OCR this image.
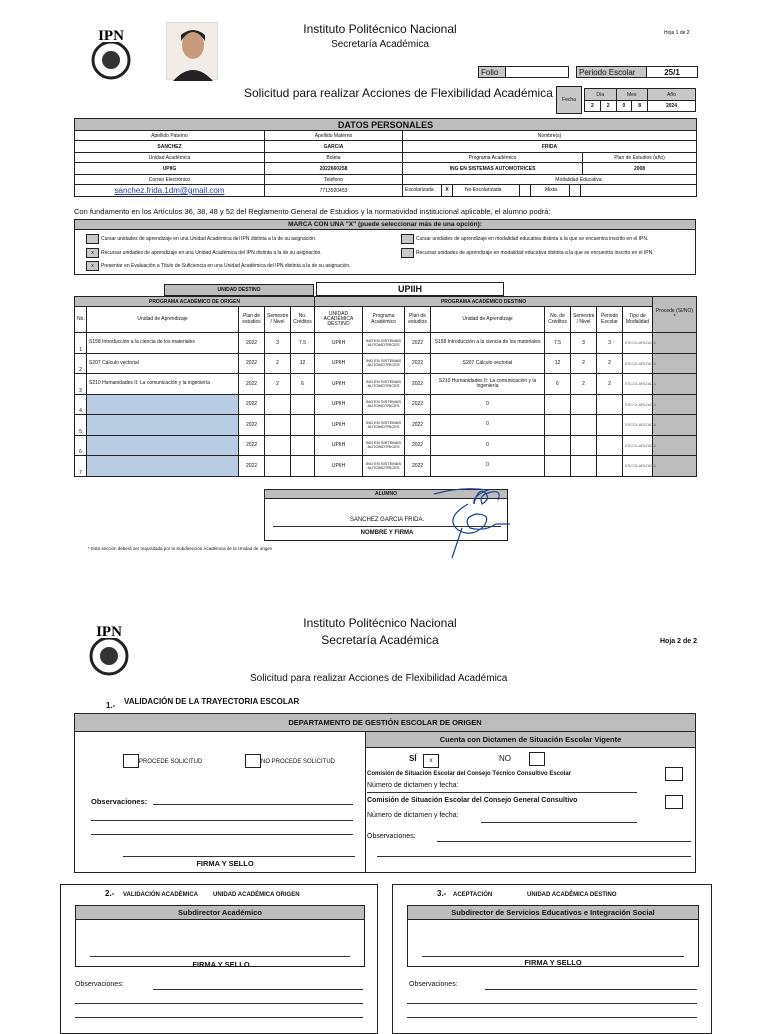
IPN	Instituto Politécnico Nacional
Secretaría Académica
Hoja 1 de 2
Folio			Periodo Escolar	25/1
Solicitud para realizar Acciones de Flexibilidad Académica	Fecha
Día		Mes		Año
2	2	0	8	2024
DATOS PERSONALES			
Apellido Paterno	Apellido Materno	Nombre(s)	
SANCHEZ	GARCIA	FRIDA	
Unidad Académica	Boleta	Programa Académico	Plan de Estudios (año)
UPIIG	2022660258	ING EN SISTEMAS AUTOMOTRICES	2008
Correo Electrónico	Teléfono	Modalidad Educativa	
sanchez.frida.1dm@gmail.com	7713520453	Escolarizada X No Escolarizada Mixta	
Con fundamento en los Artículos 36, 38, 48 y 52 del Reglamento General de Estudios y la normatividad institucional aplicable, el alumno podrá:
MARCA CON UNA "X" (puede seleccionar más de una opción):
Cursar unidades de aprendizaje en una Unidad Académica del IPN distinta a la de su asignación.	Cursar unidades de aprendizaje en modalidad educativa distinta a la que se encuentra inscrito en el IPN.
x	Recursar unidades de aprendizaje en una Unidad Académica del IPN distinta a la de su asignación.	Recursar unidades de aprendizaje en modalidad educativa distinta a la que se encuentra inscrito en el IPN.
x	Presentar en Evaluación a Título de Suficiencia en una Unidad Académica del IPN distinta a la de su asignación.
UNIDAD DESTINO	UPIIH
PROGRAMA ACADÉMICO DE ORIGEN					PROGRAMA ACADÉMICO DESTINO								Procede (SI/NO) *
No.	Unidad de Aprendizaje	Plan de estudios	Semestre / Nivel	No. Créditos	UNIDAD ACADÉMICA DESTINO	Programa Académico	Plan de estudios	Unidad de Aprendizaje	No. de Créditos	Semestre / Nivel	Periodo Escolar	Tipo de Modalidad	
1	S158 Introducción a la ciencia de los materiales	2022	3	7.5	UPIIH	ING EN SISTEMAS AUTOMOTRICES	2022	S158 Introducción a la ciencia de los materiales	7.5	3	3	ESCOLARIZADA	
2	S207 Cálculo vectorial	2022	2	12	UPIIH	ING EN SISTEMAS AUTOMOTRICES	2022	S207 Cálculo vectorial	12	2	2	ESCOLARIZADA	
3	S210 Humanidades II: La comunicación y la ingeniería	2022	2	6	UPIIH	ING EN SISTEMAS AUTOMOTRICES	2022	S210 Humanidades II: La comunicación y la ingeniería	6	2	2	ESCOLARIZADA	
4		2022			UPIIH	ING EN SISTEMAS AUTOMOTRICES	2022	0				ESCOLARIZADA	
5		2022			UPIIH	ING EN SISTEMAS AUTOMOTRICES	2022	0				ESCOLARIZADA	
6		2022			UPIIH	ING EN SISTEMAS AUTOMOTRICES	2022	0				ESCOLARIZADA	
7		2022			UPIIH	ING EN SISTEMAS AUTOMOTRICES	2022	0				ESCOLARIZADA	
ALUMNO
SANCHEZ GARCIA FRIDA.
NOMBRE Y FIRMA
* Esta sección deberá ser requisitada por la Subdirección Académica de la Unidad de origen
IPN
Instituto Politécnico Nacional
Secretaría Académica	Hoja 2 de 2
Solicitud para realizar Acciones de Flexibilidad Académica
1.- VALIDACIÓN DE LA TRAYECTORIA ESCOLAR
DEPARTAMENTO DE GESTIÓN ESCOLAR DE ORIGEN
PROCEDE SOLICITUD	NO PROCEDE SOLICITUD
Observaciones:
FIRMA Y SELLO
Cuenta con Dictamen de Situación Escolar Vigente
SÍ	x	NO
Comisión de Situación Escolar del Consejo Técnico Consultivo Escolar
Número de dictamen y fecha:
Comisión de Situación Escolar del Consejo General Consultivo
Número de dictamen y fecha:
Observaciones:
2.- VALIDACIÓN ACADÉMICA	UNIDAD ACADÉMICA ORIGEN
Subdirector Académico
FIRMA Y SELLO
Observaciones:
3.- ACEPTACIÓN	UNIDAD ACADÉMICA DESTINO
Subdirector de Servicios Educativos e Integración Social
FIRMA Y SELLO
Observaciones:
